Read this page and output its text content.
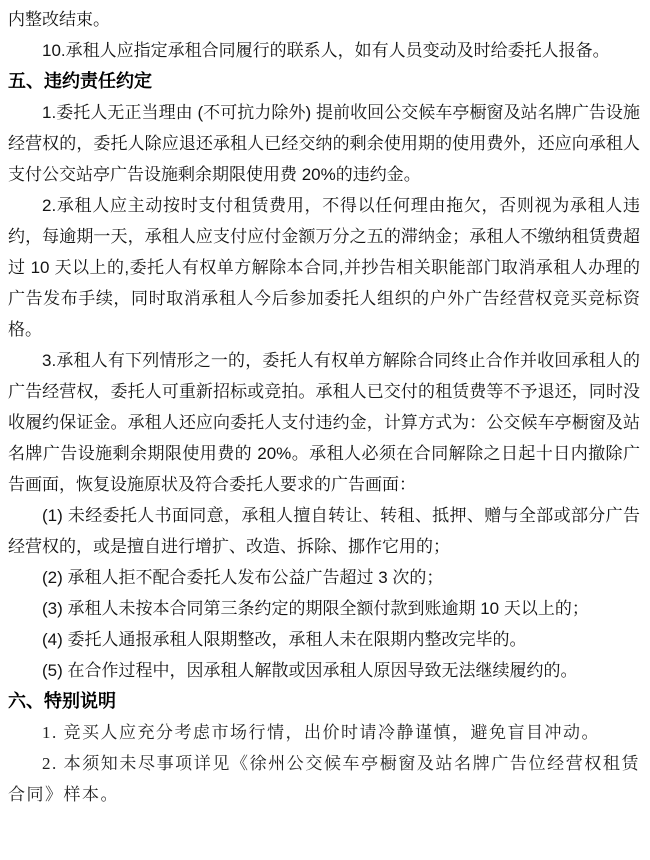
内整改结束。

10.承租人应指定承租合同履行的联系人，如有人员变动及时给委托人报备。

五、违约责任约定

1.委托人无正当理由 (不可抗力除外) 提前收回公交候车亭橱窗及站名牌广告设施经营权的，委托人除应退还承租人已经交纳的剩余使用期的使用费外，还应向承租人支付公交站亭广告设施剩余期限使用费 20%的违约金。

2.承租人应主动按时支付租赁费用，不得以任何理由拖欠，否则视为承租人违约，每逾期一天，承租人应支付应付金额万分之五的滞纳金；承租人不缴纳租赁费超过 10 天以上的,委托人有权单方解除本合同,并抄告相关职能部门取消承租人办理的广告发布手续，同时取消承租人今后参加委托人组织的户外广告经营权竞买竞标资格。

3.承租人有下列情形之一的，委托人有权单方解除合同终止合作并收回承租人的广告经营权，委托人可重新招标或竞拍。承租人已交付的租赁费等不予退还，同时没收履约保证金。承租人还应向委托人支付违约金，计算方式为：公交候车亭橱窗及站名牌广告设施剩余期限使用费的 20%。承租人必须在合同解除之日起十日内撤除广告画面，恢复设施原状及符合委托人要求的广告画面：

(1) 未经委托人书面同意，承租人擅自转让、转租、抵押、赠与全部或部分广告经营权的，或是擅自进行增扩、改造、拆除、挪作它用的；

(2) 承租人拒不配合委托人发布公益广告超过 3 次的；

(3) 承租人未按本合同第三条约定的期限全额付款到账逾期 10 天以上的；

(4) 委托人通报承租人限期整改，承租人未在限期内整改完毕的。

(5) 在合作过程中，因承租人解散或因承租人原因导致无法继续履约的。

六、特别说明

1. 竞买人应充分考虑市场行情，出价时请冷静谨慎，避免盲目冲动。

2. 本须知未尽事项详见《徐州公交候车亭橱窗及站名牌广告位经营权租赁合同》样本。
